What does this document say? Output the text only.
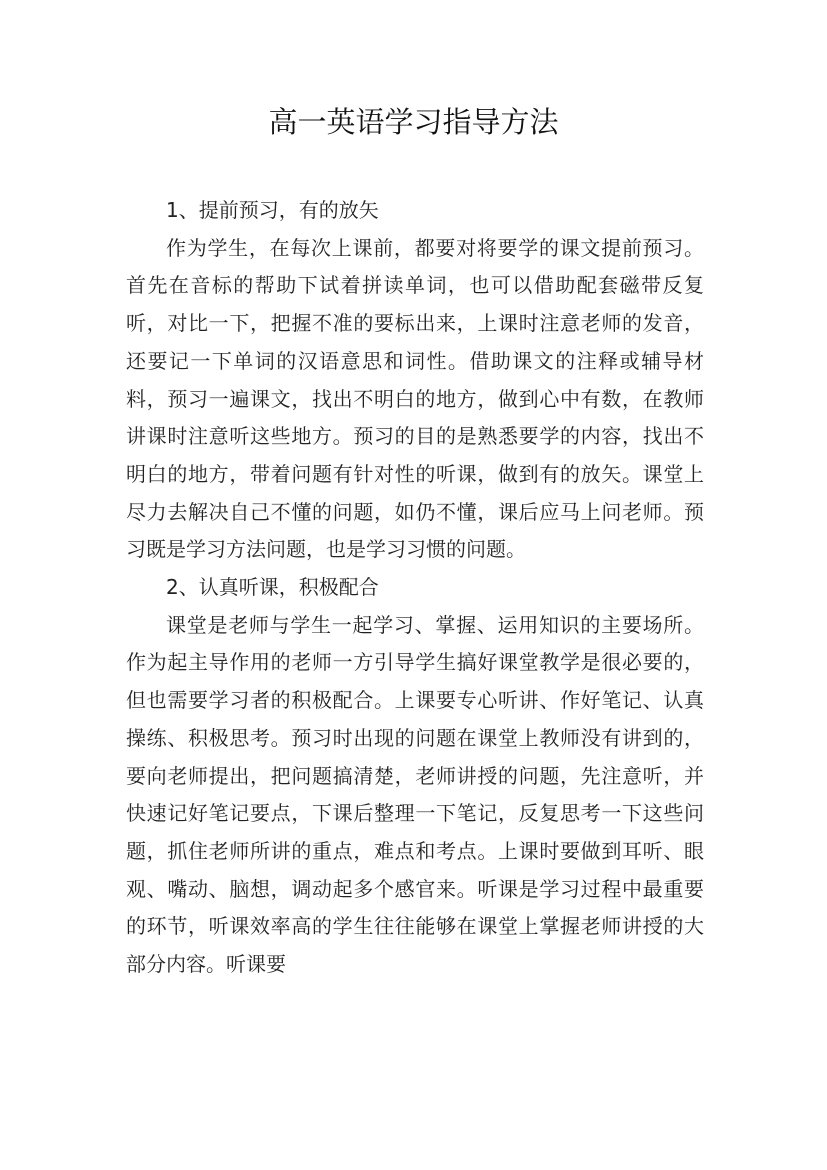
高一英语学习指导方法

1、提前预习，有的放矢

作为学生，在每次上课前，都要对将要学的课文提前预习。首先在音标的帮助下试着拼读单词，也可以借助配套磁带反复听，对比一下，把握不准的要标出来，上课时注意老师的发音，还要记一下单词的汉语意思和词性。借助课文的注释或辅导材料，预习一遍课文，找出不明白的地方，做到心中有数，在教师讲课时注意听这些地方。预习的目的是熟悉要学的内容，找出不明白的地方，带着问题有针对性的听课，做到有的放矢。课堂上尽力去解决自己不懂的问题，如仍不懂，课后应马上问老师。预习既是学习方法问题，也是学习习惯的问题。

2、认真听课，积极配合

课堂是老师与学生一起学习、掌握、运用知识的主要场所。作为起主导作用的老师一方引导学生搞好课堂教学是很必要的，但也需要学习者的积极配合。上课要专心听讲、作好笔记、认真操练、积极思考。预习时出现的问题在课堂上教师没有讲到的，要向老师提出，把问题搞清楚，老师讲授的问题，先注意听，并快速记好笔记要点，下课后整理一下笔记，反复思考一下这些问题，抓住老师所讲的重点，难点和考点。上课时要做到耳听、眼观、嘴动、脑想，调动起多个感官来。听课是学习过程中最重要的环节，听课效率高的学生往往能够在课堂上掌握老师讲授的大部分内容。听课要
